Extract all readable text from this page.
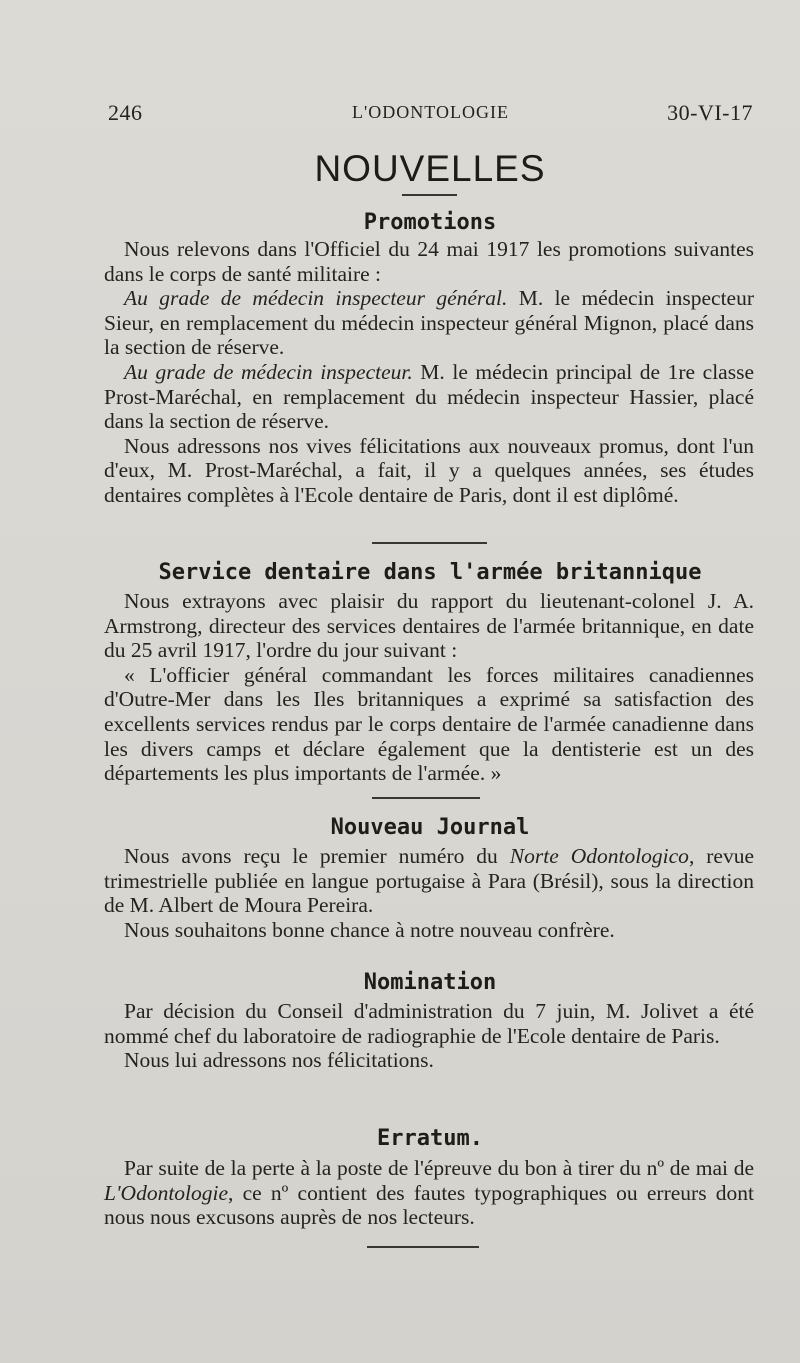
246	L'ODONTOLOGIE	30-VI-17
NOUVELLES
Promotions

Nous relevons dans l'Officiel du 24 mai 1917 les promotions suivantes dans le corps de santé militaire :

Au grade de médecin inspecteur général. M. le médecin inspecteur Sieur, en remplacement du médecin inspecteur général Mignon, placé dans la section de réserve.

Au grade de médecin inspecteur. M. le médecin principal de 1re classe Prost-Maréchal, en remplacement du médecin inspecteur Hassier, placé dans la section de réserve.

Nous adressons nos vives félicitations aux nouveaux promus, dont l'un d'eux, M. Prost-Maréchal, a fait, il y a quelques années, ses études dentaires complètes à l'Ecole dentaire de Paris, dont il est diplômé.

Service dentaire dans l'armée britannique

Nous extrayons avec plaisir du rapport du lieutenant-colonel J. A. Armstrong, directeur des services dentaires de l'armée britannique, en date du 25 avril 1917, l'ordre du jour suivant :

« L'officier général commandant les forces militaires canadiennes d'Outre-Mer dans les Iles britanniques a exprimé sa satisfaction des excellents services rendus par le corps dentaire de l'armée canadienne dans les divers camps et déclare également que la dentisterie est un des départements les plus importants de l'armée. »

Nouveau Journal

Nous avons reçu le premier numéro du Norte Odontologico, revue trimestrielle publiée en langue portugaise à Para (Brésil), sous la direction de M. Albert de Moura Pereira.

Nous souhaitons bonne chance à notre nouveau confrère.

Nomination

Par décision du Conseil d'administration du 7 juin, M. Jolivet a été nommé chef du laboratoire de radiographie de l'Ecole dentaire de Paris.

Nous lui adressons nos félicitations.

Erratum.

Par suite de la perte à la poste de l'épreuve du bon à tirer du nº de mai de L'Odontologie, ce nº contient des fautes typographiques ou erreurs dont nous nous excusons auprès de nos lecteurs.
